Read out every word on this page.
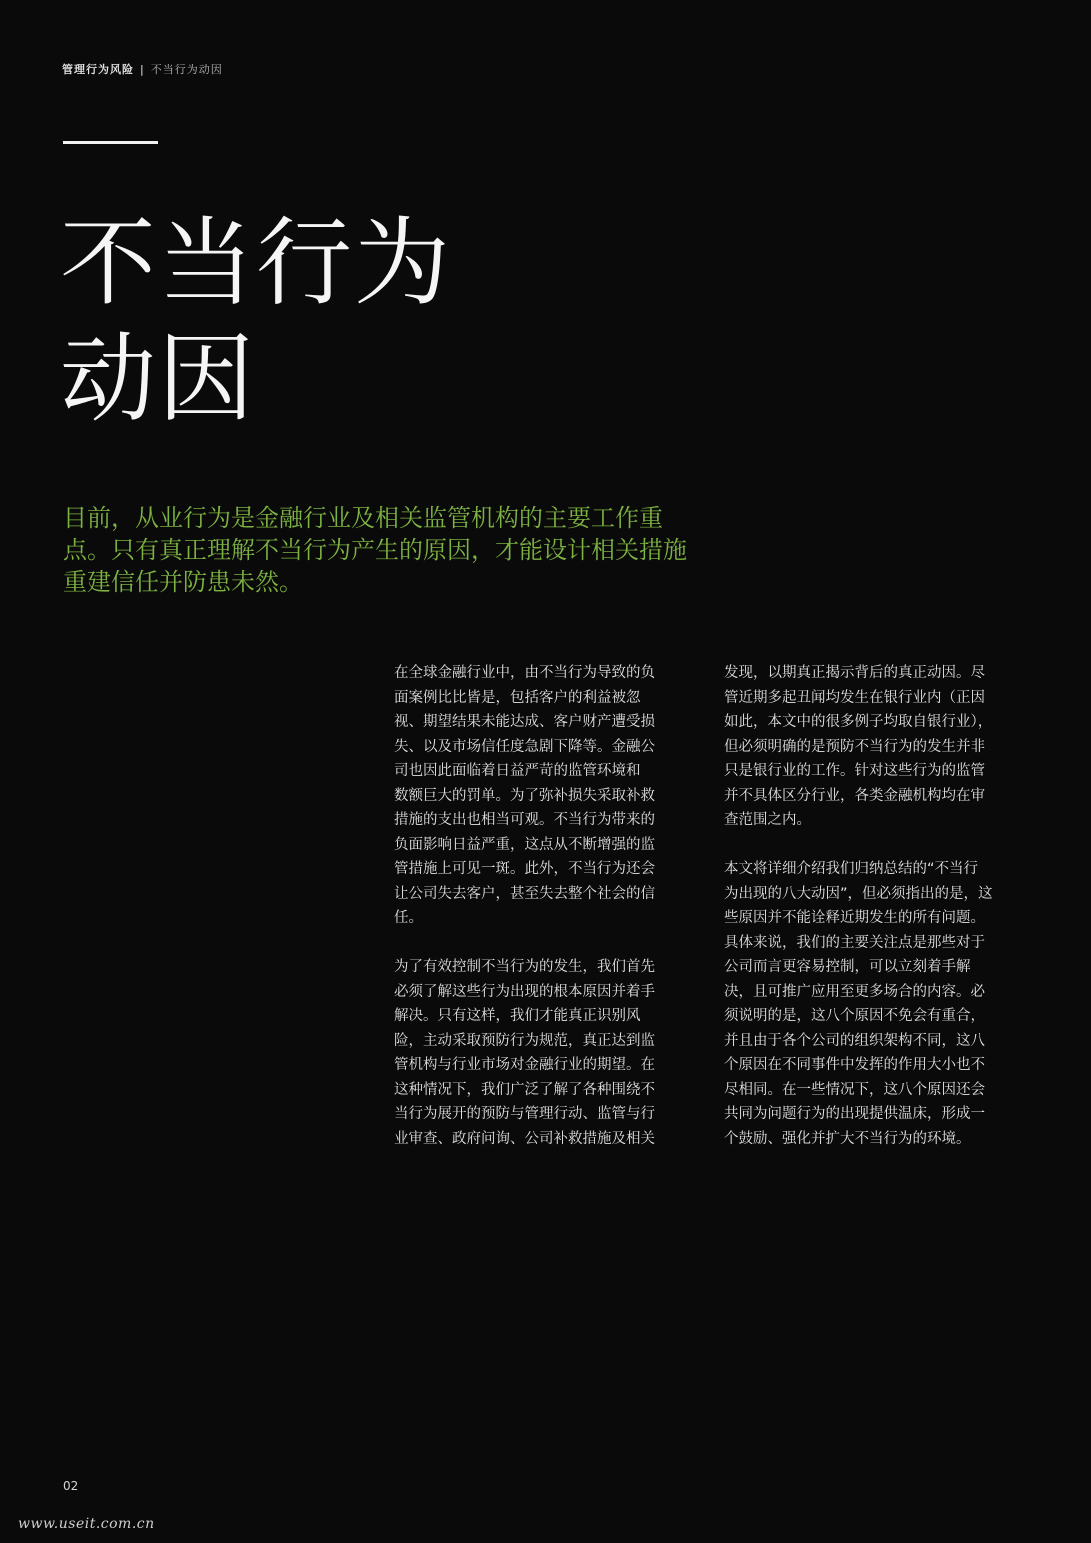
管理行为风险 | 不当行为动因
不当行为
动因

目前，从业行为是金融行业及相关监管机构的主要工作重
点。只有真正理解不当行为产生的原因，才能设计相关措施
重建信任并防患未然。

在全球金融行业中，由不当行为导致的负
面案例比比皆是，包括客户的利益被忽
视、期望结果未能达成、客户财产遭受损
失、以及市场信任度急剧下降等。金融公
司也因此面临着日益严苛的监管环境和
数额巨大的罚单。为了弥补损失采取补救
措施的支出也相当可观。不当行为带来的
负面影响日益严重，这点从不断增强的监
管措施上可见一斑。此外，不当行为还会
让公司失去客户，甚至失去整个社会的信
任。

为了有效控制不当行为的发生，我们首先
必须了解这些行为出现的根本原因并着手
解决。只有这样，我们才能真正识别风
险，主动采取预防行为规范，真正达到监
管机构与行业市场对金融行业的期望。在
这种情况下，我们广泛了解了各种围绕不
当行为展开的预防与管理行动、监管与行
业审查、政府问询、公司补救措施及相关

发现，以期真正揭示背后的真正动因。尽
管近期多起丑闻均发生在银行业内（正因
如此，本文中的很多例子均取自银行业），
但必须明确的是预防不当行为的发生并非
只是银行业的工作。针对这些行为的监管
并不具体区分行业，各类金融机构均在审
查范围之内。

本文将详细介绍我们归纳总结的“不当行
为出现的八大动因”，但必须指出的是，这
些原因并不能诠释近期发生的所有问题。
具体来说，我们的主要关注点是那些对于
公司而言更容易控制，可以立刻着手解
决，且可推广应用至更多场合的内容。必
须说明的是，这八个原因不免会有重合，
并且由于各个公司的组织架构不同，这八
个原因在不同事件中发挥的作用大小也不
尽相同。在一些情况下，这八个原因还会
共同为问题行为的出现提供温床，形成一
个鼓励、强化并扩大不当行为的环境。

02
www.useit.com.cn
